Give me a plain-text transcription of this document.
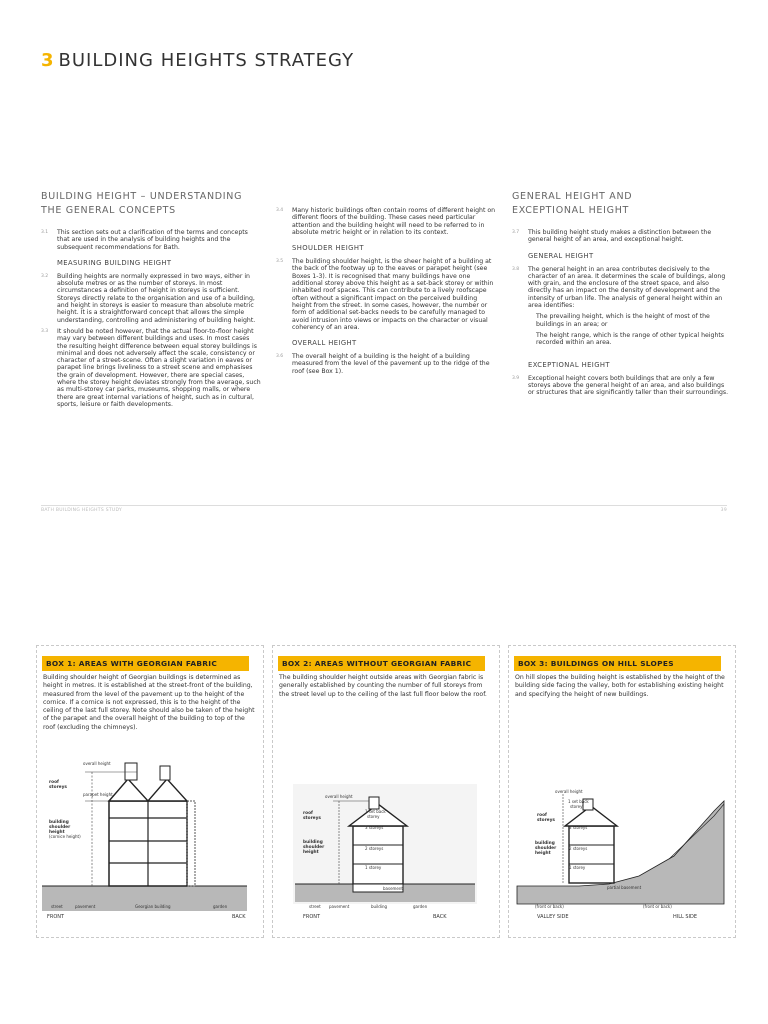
3 BUILDING HEIGHTS STRATEGY
BUILDING HEIGHT – UNDERSTANDING
THE GENERAL CONCEPTS
3.1 This section sets out a clarification of the terms and concepts that are used in the analysis of building heights and the subsequent recommendations for Bath.
MEASURING BUILDING HEIGHT
3.2 Building heights are normally expressed in two ways, either in absolute metres or as the number of storeys. In most circumstances a definition of height in storeys is sufficient. Storeys directly relate to the organisation and use of a building, and height in storeys is easier to measure than absolute metric height. It is a straightforward concept that allows the simple understanding, controlling and administering of building height.
3.3 It should be noted however, that the actual floor-to-floor height may vary between different buildings and uses. In most cases the resulting height difference between equal storey buildings is minimal and does not adversely affect the scale, consistency or character of a street-scene. Often a slight variation in eaves or parapet line brings liveliness to a street scene and emphasises the grain of development. However, there are special cases, where the storey height deviates strongly from the average, such as multi-storey car parks, museums, shopping malls, or where there are great internal variations of height, such as in cultural, sports, leisure or faith developments.
3.4 Many historic buildings often contain rooms of different height on different floors of the building. These cases need particular attention and the building height will need to be referred to in absolute metric height or in relation to its context.
SHOULDER HEIGHT
3.5 The building shoulder height, is the sheer height of a building at the back of the footway up to the eaves or parapet height (see Boxes 1-3). It is recognised that many buildings have one additional storey above this height as a set-back storey or within inhabited roof spaces. This can contribute to a lively roofscape often without a significant impact on the perceived building height from the street. In some cases, however, the number or form of additional set-backs needs to be carefully managed to avoid intrusion into views or impacts on the character or visual coherency of an area.
OVERALL HEIGHT
3.6 The overall height of a building is the height of a building measured from the level of the pavement up to the ridge of the roof (see Box 1).
GENERAL HEIGHT AND
EXCEPTIONAL HEIGHT
3.7 This building height study makes a distinction between the general height of an area, and exceptional height.
GENERAL HEIGHT
3.8 The general height in an area contributes decisively to the character of an area. It determines the scale of buildings, along with grain, and the enclosure of the street space, and also directly has an impact on the density of development and the intensity of urban life. The analysis of general height within an area identifies:
The prevailing height, which is the height of most of the buildings in an area; or
The height range, which is the range of other typical heights recorded within an area.
EXCEPTIONAL HEIGHT
3.9 Exceptional height covers both buildings that are only a few storeys above the general height of an area, and also buildings or structures that are significantly taller than their surroundings.
BATH BUILDING HEIGHTS STUDY	39
BOX 1: AREAS WITH GEORGIAN FABRIC
Building shoulder height of Georgian buildings is determined as height in metres. It is established at the street-front of the building, measured from the level of the pavement up to the height of the cornice. If a cornice is not expressed, this is to the height of the ceiling of the last full storey. Note should also be taken of the height of the parapet and the overall height of the building to top of the roof (excluding the chimneys).
overall height
parapet height
roof
storeys
building
shoulder
height
(cornice height)
street	pavement	Georgian building	garden
FRONT	BACK
BOX 2: AREAS WITHOUT GEORGIAN FABRIC
The building shoulder height outside areas with Georgian fabric is generally established by counting the number of full storeys from the street level up to the ceiling of the last full floor below the roof.
overall height
1 set back
storey
3 storeys
2 storeys
1 storey
roof
storeys
building
shoulder
height
basement
street pavement	building	garden
FRONT	BACK
BOX 3: BUILDINGS ON HILL SLOPES
On hill slopes the building height is established by the height of the building side facing the valley, both for establishing existing height and specifying the height of new buildings.
overall height
1 set back
storey
3 storeys
2 storeys
1 storey
roof
storeys
building
shoulder
height
partial basement
(front or back)	(front or back)
VALLEY SIDE	HILL SIDE
